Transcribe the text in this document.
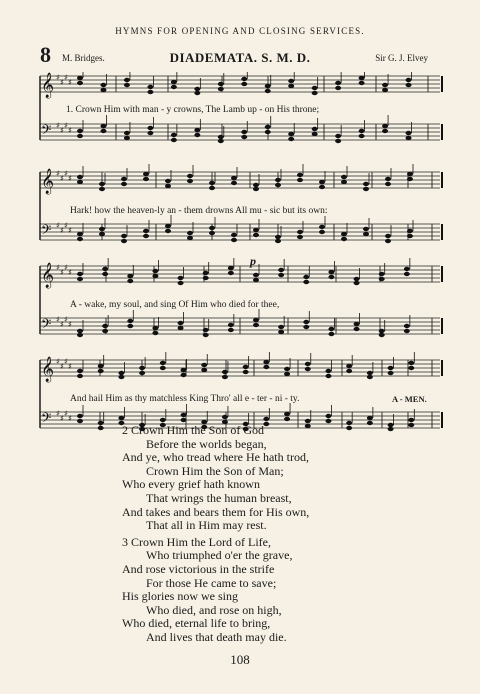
HYMNS FOR OPENING AND CLOSING SERVICES.
8 M. Bridges.	DIADEMATA. S. M. D.	Sir G. J. Elvey
𝄞 ♯
♯
♯
♯
𝄢 ♯
♯
♯
♯
1. Crown Him with man - y crowns, The Lamb up - on His throne;
𝄞 ♯
♯
♯
♯
𝄢 ♯
♯
♯
♯
Hark! how the heaven-ly an - them drowns All mu - sic but its own:
𝄞 ♯
♯
♯
♯
𝄢 ♯
♯
♯
♯
p
A - wake, my soul, and sing Of Him who died for thee,
𝄞 ♯
♯
♯
♯
𝄢 ♯
♯
♯
♯
And hail Him as thy matchless King Thro' all e - ter - ni - ty.	A - MEN.
2 Crown Him the Son of God
Before the worlds began,
And ye, who tread where He hath trod,
Crown Him the Son of Man;
Who every grief hath known
That wrings the human breast,
And takes and bears them for His own,
That all in Him may rest.
3 Crown Him the Lord of Life,
Who triumphed o'er the grave,
And rose victorious in the strife
For those He came to save;
His glories now we sing
Who died, and rose on high,
Who died, eternal life to bring,
And lives that death may die.
108
